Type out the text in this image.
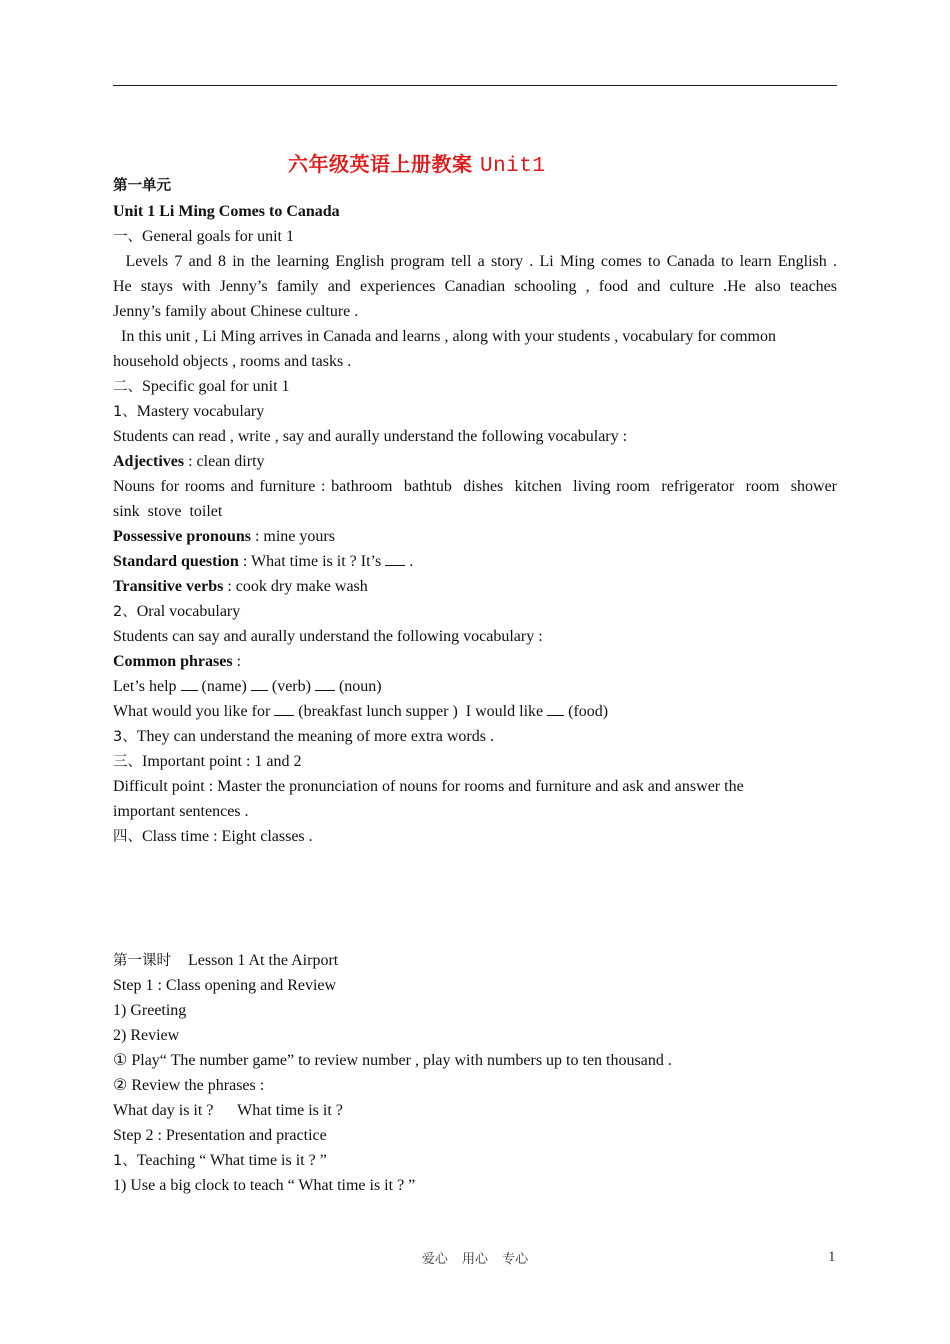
六年级英语上册教案 Unit1
第一单元
Unit 1 Li Ming Comes to Canada
一、General goals for unit 1
Levels 7 and 8 in the learning English program tell a story . Li Ming comes to Canada to learn English .
He stays with Jenny’s family and experiences Canadian schooling , food and culture .He also teaches
Jenny’s family about Chinese culture .
In this unit , Li Ming arrives in Canada and learns , along with your students , vocabulary for common
household objects , rooms and tasks .
二、Specific goal for unit 1
1、Mastery vocabulary
Students can read , write , say and aurally understand the following vocabulary :
Adjectives : clean dirty
Nouns for rooms and furniture : bathroom  bathtub  dishes  kitchen  living room  refrigerator  room  shower
sink  stove  toilet
Possessive pronouns : mine yours
Standard question : What time is it ? It’s  .
Transitive verbs : cook dry make wash
2、Oral vocabulary
Students can say and aurally understand the following vocabulary :
Common phrases :
Let’s help  (name)  (verb)  (noun)
What would you like for  (breakfast lunch supper )  I would like  (food)
3、They can understand the meaning of more extra words .
三、Important point : 1 and 2
Difficult point : Master the pronunciation of nouns for rooms and furniture and ask and answer the
important sentences .
四、Class time : Eight classes .
第一课时 Lesson 1 At the Airport
Step 1 : Class opening and Review
1) Greeting
2) Review
① Play“ The number game” to review number , play with numbers up to ten thousand .
② Review the phrases :
What day is it ?      What time is it ?
Step 2 : Presentation and practice
1、Teaching “ What time is it ? ”
1) Use a big clock to teach “ What time is it ? ”
爱心 用心 专心	1
